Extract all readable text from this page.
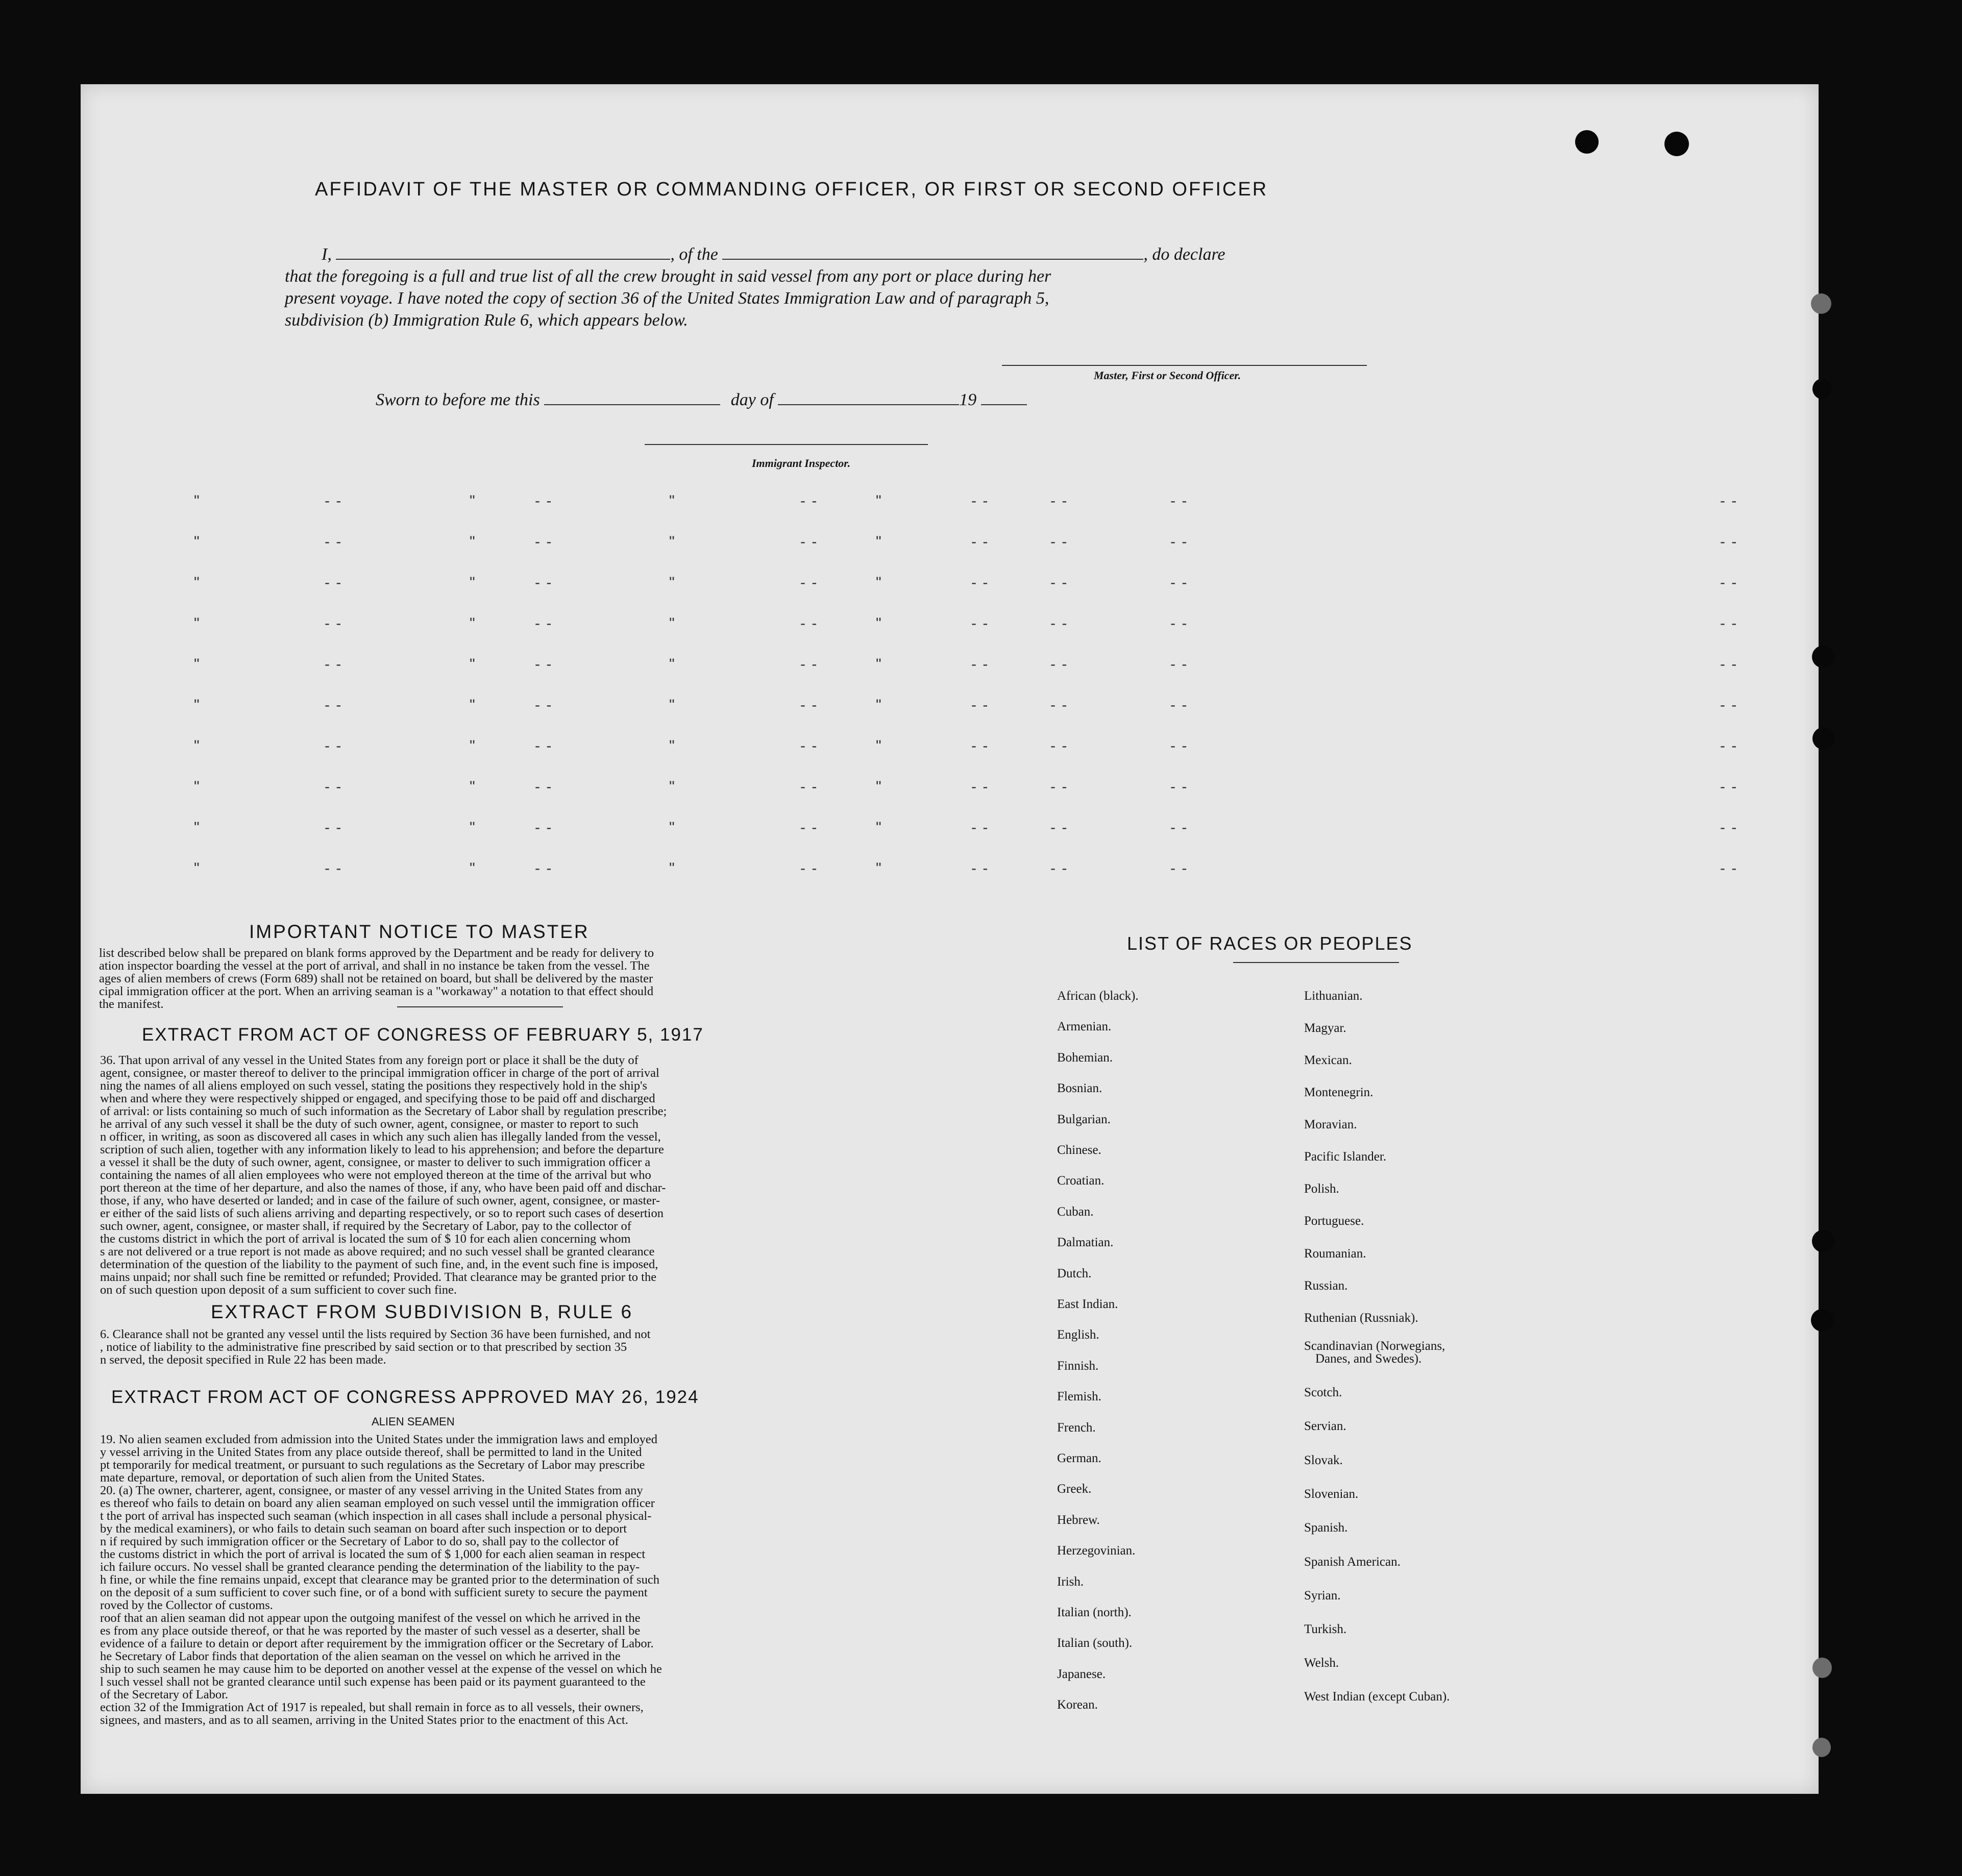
AFFIDAVIT OF THE MASTER OR COMMANDING OFFICER, OR FIRST OR SECOND OFFICER
I,	, of the	, do declare
that the foregoing is a full and true list of all the crew brought in said vessel from any port or place during her
present voyage. I have noted the copy of section 36 of the United States Immigration Law and of paragraph 5,
subdivision (b) Immigration Rule 6, which appears below.
Master, First or Second Officer.
Sworn to before me this	day of	19
Immigrant Inspector.
IMPORTANT NOTICE TO MASTER

list described below shall be prepared on blank forms approved by the Department and be ready for delivery to

ation inspector boarding the vessel at the port of arrival, and shall in no instance be taken from the vessel. The

ages of alien members of crews (Form 689) shall not be retained on board, but shall be delivered by the master

cipal immigration officer at the port. When an arriving seaman is a "workaway" a notation to that effect should

the manifest.

EXTRACT FROM ACT OF CONGRESS OF FEBRUARY 5, 1917

36. That upon arrival of any vessel in the United States from any foreign port or place it shall be the duty of

agent, consignee, or master thereof to deliver to the principal immigration officer in charge of the port of arrival

ning the names of all aliens employed on such vessel, stating the positions they respectively hold in the ship's

when and where they were respectively shipped or engaged, and specifying those to be paid off and discharged

of arrival: or lists containing so much of such information as the Secretary of Labor shall by regulation prescribe;

he arrival of any such vessel it shall be the duty of such owner, agent, consignee, or master to report to such

n officer, in writing, as soon as discovered all cases in which any such alien has illegally landed from the vessel,

scription of such alien, together with any information likely to lead to his apprehension; and before the departure

a vessel it shall be the duty of such owner, agent, consignee, or master to deliver to such immigration officer a

containing the names of all alien employees who were not employed thereon at the time of the arrival but who

port thereon at the time of her departure, and also the names of those, if any, who have been paid off and dischar-

those, if any, who have deserted or landed; and in case of the failure of such owner, agent, consignee, or master-

er either of the said lists of such aliens arriving and departing respectively, or so to report such cases of desertion

such owner, agent, consignee, or master shall, if required by the Secretary of Labor, pay to the collector of

the customs district in which the port of arrival is located the sum of $ 10 for each alien concerning whom

s are not delivered or a true report is not made as above required; and no such vessel shall be granted clearance

determination of the question of the liability to the payment of such fine, and, in the event such fine is imposed,

mains unpaid; nor shall such fine be remitted or refunded; Provided. That clearance may be granted prior to the

on of such question upon deposit of a sum sufficient to cover such fine.

EXTRACT FROM SUBDIVISION B, RULE 6

6. Clearance shall not be granted any vessel until the lists required by Section 36 have been furnished, and not

, notice of liability to the administrative fine prescribed by said section or to that prescribed by section 35

n served, the deposit specified in Rule 22 has been made.

EXTRACT FROM ACT OF CONGRESS APPROVED MAY 26, 1924
ALIEN SEAMEN

19. No alien seamen excluded from admission into the United States under the immigration laws and employed

y vessel arriving in the United States from any place outside thereof, shall be permitted to land in the United

pt temporarily for medical treatment, or pursuant to such regulations as the Secretary of Labor may prescribe

mate departure, removal, or deportation of such alien from the United States.

20. (a) The owner, charterer, agent, consignee, or master of any vessel arriving in the United States from any

es thereof who fails to detain on board any alien seaman employed on such vessel until the immigration officer

t the port of arrival has inspected such seaman (which inspection in all cases shall include a personal physical-

by the medical examiners), or who fails to detain such seaman on board after such inspection or to deport

n if required by such immigration officer or the Secretary of Labor to do so, shall pay to the collector of

the customs district in which the port of arrival is located the sum of $ 1,000 for each alien seaman in respect

ich failure occurs. No vessel shall be granted clearance pending the determination of the liability to the pay-

h fine, or while the fine remains unpaid, except that clearance may be granted prior to the determination of such

on the deposit of a sum sufficient to cover such fine, or of a bond with sufficient surety to secure the payment

roved by the Collector of customs.

roof that an alien seaman did not appear upon the outgoing manifest of the vessel on which he arrived in the

es from any place outside thereof, or that he was reported by the master of such vessel as a deserter, shall be

evidence of a failure to detain or deport after requirement by the immigration officer or the Secretary of Labor.

he Secretary of Labor finds that deportation of the alien seaman on the vessel on which he arrived in the

ship to such seamen he may cause him to be deported on another vessel at the expense of the vessel on which he

l such vessel shall not be granted clearance until such expense has been paid or its payment guaranteed to the

of the Secretary of Labor.

ection 32 of the Immigration Act of 1917 is repealed, but shall remain in force as to all vessels, their owners,

signees, and masters, and as to all seamen, arriving in the United States prior to the enactment of this Act.

LIST OF RACES OR PEOPLES
African (black).
Armenian.
Bohemian.
Bosnian.
Bulgarian.
Chinese.
Croatian.
Cuban.
Dalmatian.
Dutch.
East Indian.
English.
Finnish.
Flemish.
French.
German.
Greek.
Hebrew.
Herzegovinian.
Irish.
Italian (north).
Italian (south).
Japanese.
Korean.
Lithuanian.
Magyar.
Mexican.
Montenegrin.
Moravian.
Pacific Islander.
Polish.
Portuguese.
Roumanian.
Russian.
Ruthenian (Russniak).
Scandinavian (Norwegians,
Danes, and Swedes).
Scotch.
Servian.
Slovak.
Slovenian.
Spanish.
Spanish American.
Syrian.
Turkish.
Welsh.
West Indian (except Cuban).
"	- -	"	- -	"	- -	"	- -	- -	- -	- -
"	- -	"	- -	"	- -	"	- -	- -	- -	- -
"	- -	"	- -	"	- -	"	- -	- -	- -	- -
"	- -	"	- -	"	- -	"	- -	- -	- -	- -
"	- -	"	- -	"	- -	"	- -	- -	- -	- -
"	- -	"	- -	"	- -	"	- -	- -	- -	- -
"	- -	"	- -	"	- -	"	- -	- -	- -	- -
"	- -	"	- -	"	- -	"	- -	- -	- -	- -
"	- -	"	- -	"	- -	"	- -	- -	- -	- -
"	- -	"	- -	"	- -	"	- -	- -	- -	- -
